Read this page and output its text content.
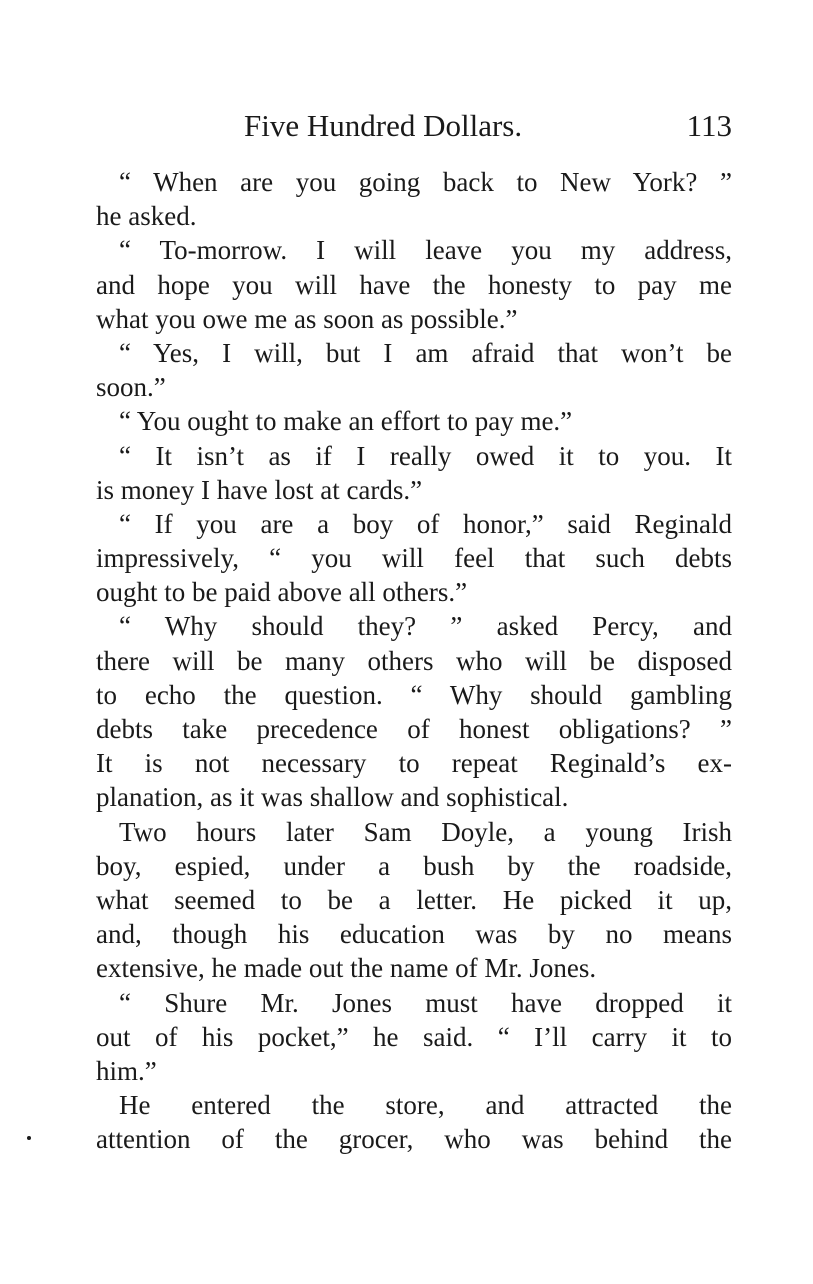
Five Hundred Dollars.	113
“ When are you going back to New York? ”
he asked.
“ To-morrow. I will leave you my address,
and hope you will have the honesty to pay me
what you owe me as soon as possible.”
“ Yes, I will, but I am afraid that won’t be
soon.”
“ You ought to make an effort to pay me.”
“ It isn’t as if I really owed it to you. It
is money I have lost at cards.”
“ If you are a boy of honor,” said Reginald
impressively, “ you will feel that such debts
ought to be paid above all others.”
“ Why should they? ” asked Percy, and
there will be many others who will be disposed
to echo the question. “ Why should gambling
debts take precedence of honest obligations? ”
It is not necessary to repeat Reginald’s ex-
planation, as it was shallow and sophistical.
Two hours later Sam Doyle, a young Irish
boy, espied, under a bush by the roadside,
what seemed to be a letter. He picked it up,
and, though his education was by no means
extensive, he made out the name of Mr. Jones.
“ Shure Mr. Jones must have dropped it
out of his pocket,” he said. “ I’ll carry it to
him.”
He entered the store, and attracted the
attention of the grocer, who was behind the
